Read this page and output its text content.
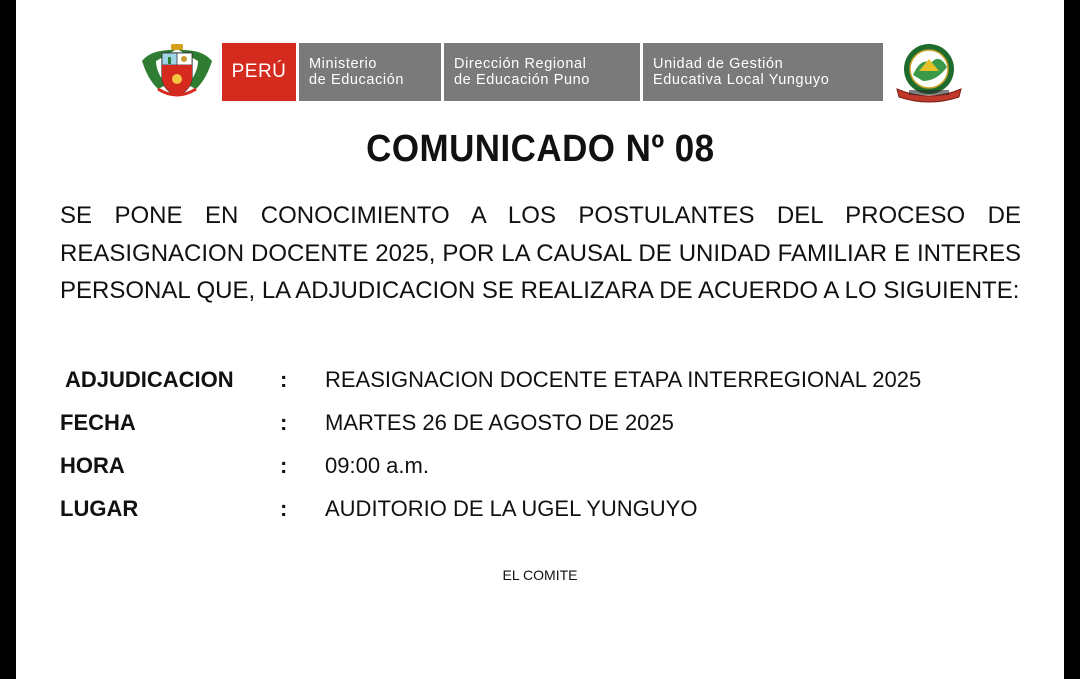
PERÚ Ministerio
de Educación
Dirección Regional
de Educación Puno
Unidad de Gestión
Educativa Local Yunguyo
COMUNICADO Nº 08
SE PONE EN CONOCIMIENTO A LOS POSTULANTES DEL PROCESO DE REASIGNACION DOCENTE 2025, POR LA CAUSAL DE UNIDAD FAMILIAR E INTERES PERSONAL QUE, LA ADJUDICACION SE REALIZARA DE ACUERDO A LO SIGUIENTE:
ADJUDICACION : REASIGNACION DOCENTE ETAPA INTERREGIONAL 2025
FECHA	: MARTES 26 DE AGOSTO DE 2025
HORA	: 09:00 a.m.
LUGAR	: AUDITORIO DE LA UGEL YUNGUYO
EL COMITE
